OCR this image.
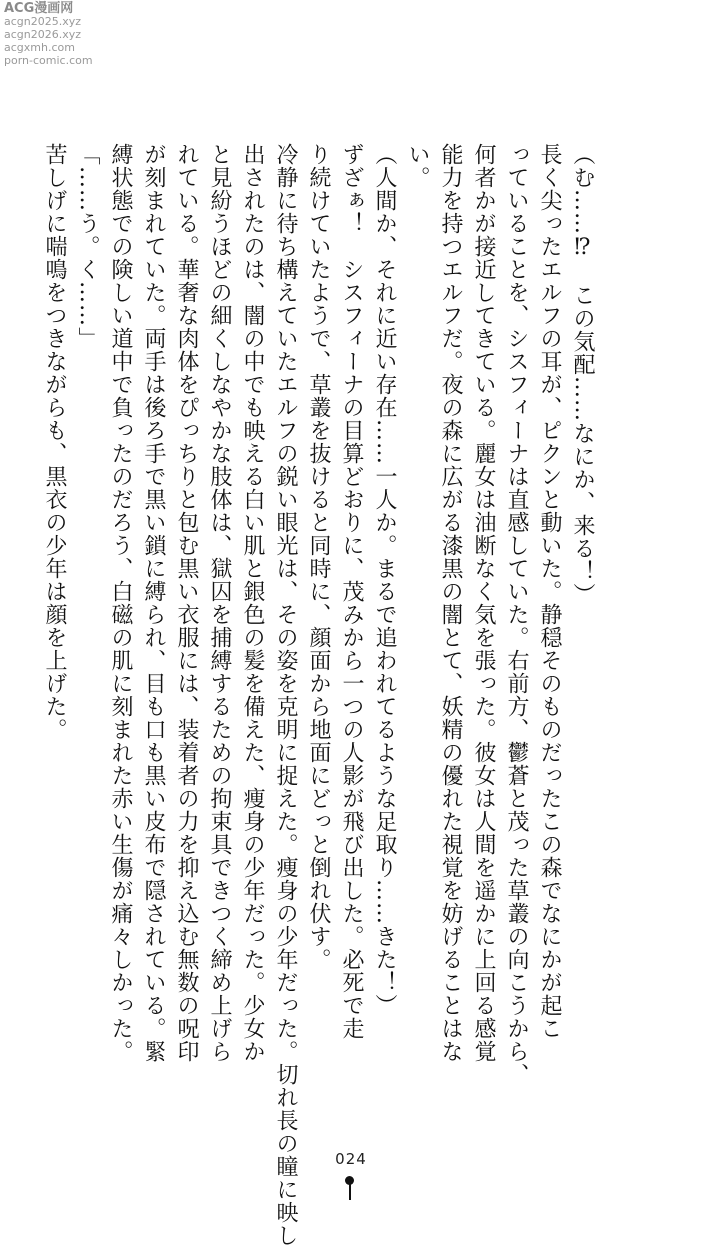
ACG漫画网
acgn2025.xyz
acgn2026.xyz
acgxmh.com
porn-comic.com
（む……⁉　この気配……なにか、来る！）
長く尖ったエルフの耳が、ピクンと動いた。静穏そのものだったこの森でなにかが起こ
っていることを、シスフィーナは直感していた。右前方、鬱蒼と茂った草叢の向こうから、
何者かが接近してきている。麗女は油断なく気を張った。彼女は人間を遥かに上回る感覚
能力を持つエルフだ。夜の森に広がる漆黒の闇とて、妖精の優れた視覚を妨げることはな
い。
（人間か、それに近い存在……一人か。まるで追われてるような足取り……きた！）
ずざぁ！　シスフィーナの目算どおりに、茂みから一つの人影が飛び出した。必死で走
り続けていたようで、草叢を抜けると同時に、顔面から地面にどっと倒れ伏す。
冷静に待ち構えていたエルフの鋭い眼光は、その姿を克明に捉えた。痩身の少年だった。切れ長の瞳に映し
出されたのは、闇の中でも映える白い肌と銀色の髪を備えた、痩身の少年だった。少女か
と見紛うほどの細くしなやかな肢体は、獄囚を捕縛するための拘束具できつく締め上げら
れている。華奢な肉体をぴっちりと包む黒い衣服には、装着者の力を抑え込む無数の呪印
が刻まれていた。両手は後ろ手で黒い鎖に縛られ、目も口も黒い皮布で隠されている。緊
縛状態での険しい道中で負ったのだろう、白磁の肌に刻まれた赤い生傷が痛々しかった。
「……う。く……」
苦しげに喘鳴をつきながらも、黒衣の少年は顔を上げた。
024
